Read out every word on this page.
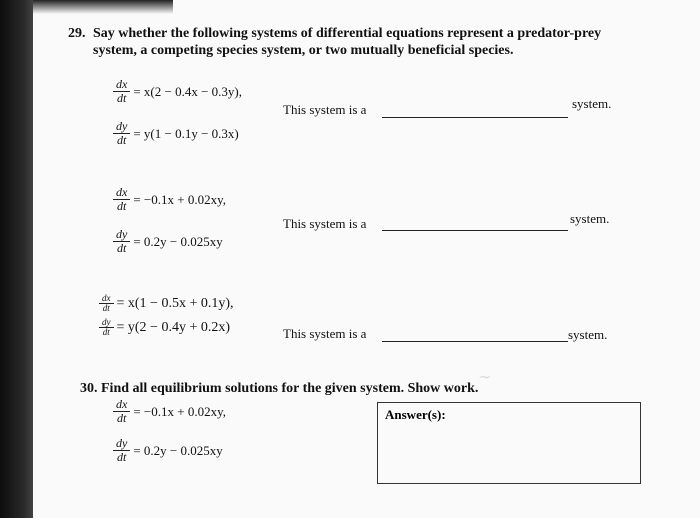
29. Say whether the following systems of differential equations represent a predator-prey
system, a competing species system, or two mutually beneficial species.
$\frac{dx}{dt} = x(2 - 0.4x - 0.3y)$,
$\frac{dy}{dt} = y(1 - 0.1y - 0.3x)$
This system is a	system.
$\frac{dx}{dt} = -0.1x + 0.02xy$,
$\frac{dy}{dt} = 0.2y - 0.025xy$
This system is a	system.
$\frac{dx}{dt} = x(1 - 0.5x + 0.1y)$,
$\frac{dy}{dt} = y(2 - 0.4y + 0.2x)$	This system is a	system.
∼
30. Find all equilibrium solutions for the given system. Show work.
$\frac{dx}{dt} = -0.1x + 0.02xy$,
$\frac{dy}{dt} = 0.2y - 0.025xy$
Answer(s):
